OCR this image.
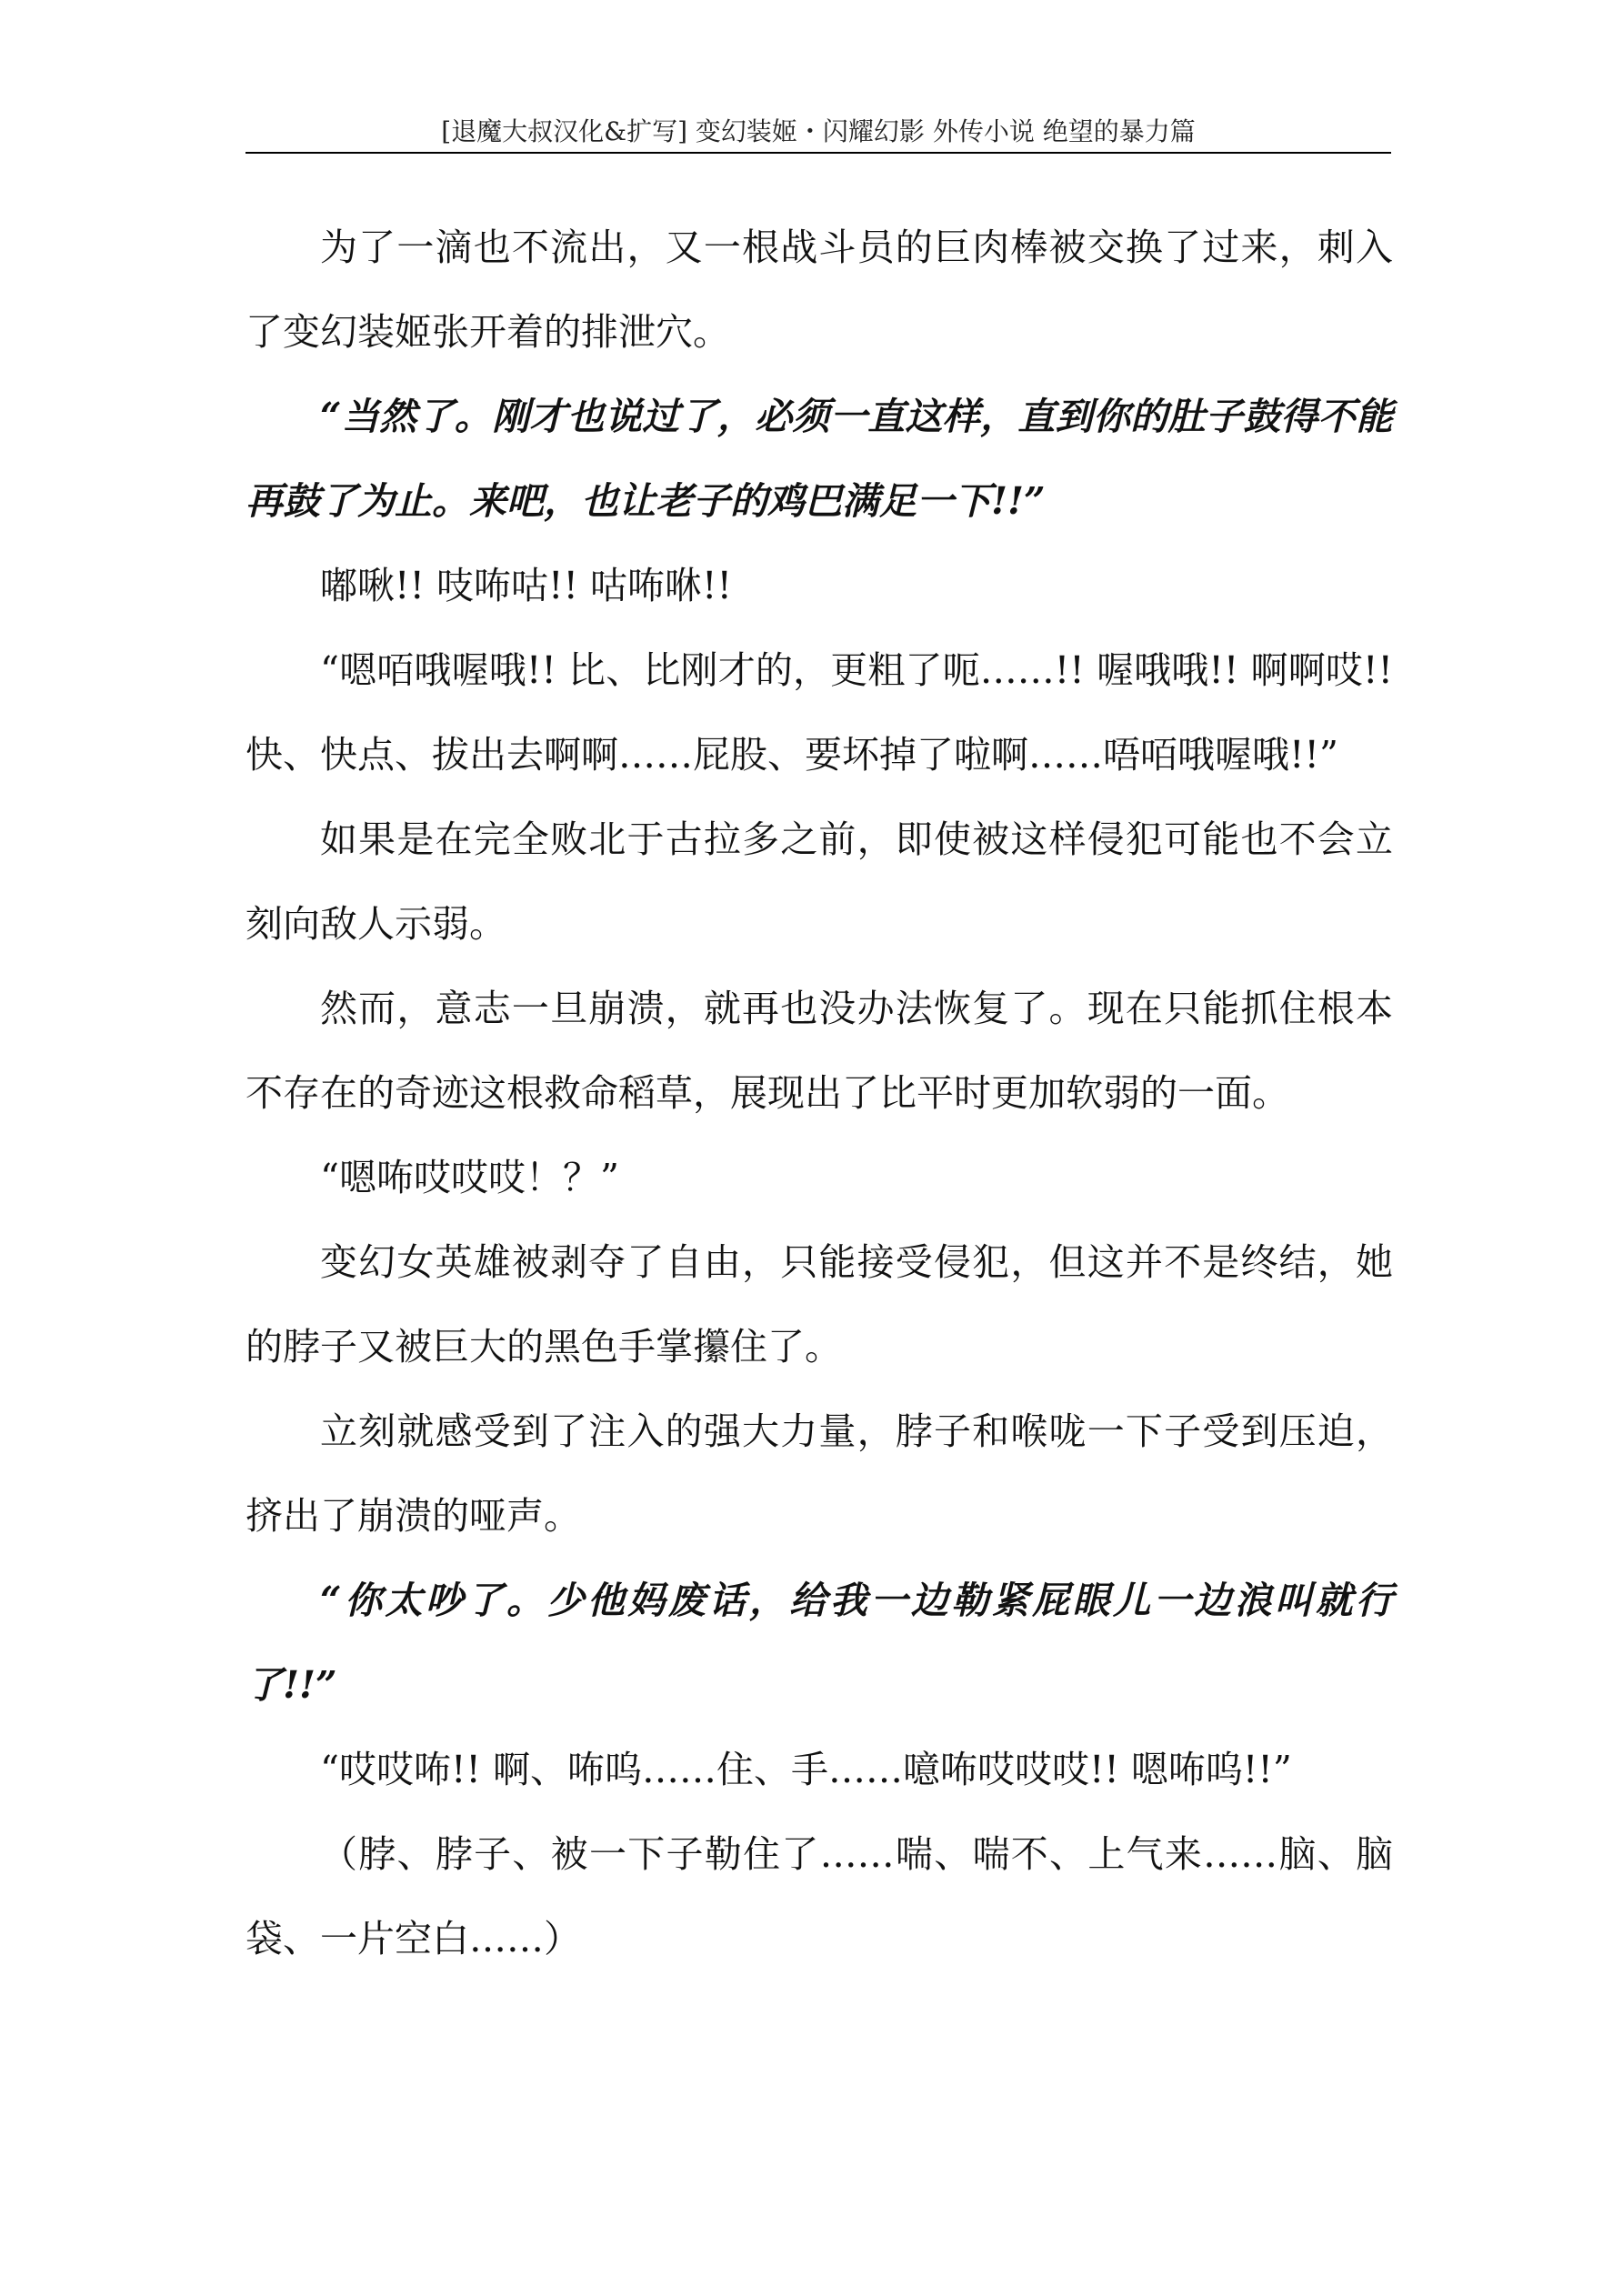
[退魔大叔汉化&扩写] 变幻装姬・闪耀幻影 外传小说 绝望的暴力篇

为了一滴也不流出，又一根战斗员的巨肉棒被交换了过来，刺入了变幻装姬张开着的排泄穴。

“当然了。刚才也说过了，必须一直这样，直到你的肚子鼓得不能再鼓了为止。来吧，也让老子的鸡巴满足一下!!”

嘟啾!! 吱咘咕!! 咕咘咻!!

“嗯咟哦喔哦!! 比、比刚才的，更粗了呃……!! 喔哦哦!! 啊啊哎!! 快、快点、拔出去啊啊……屁股、要坏掉了啦啊……唔咟哦喔哦!!”

如果是在完全败北于古拉多之前，即使被这样侵犯可能也不会立刻向敌人示弱。

然而，意志一旦崩溃，就再也没办法恢复了。现在只能抓住根本不存在的奇迹这根救命稻草，展现出了比平时更加软弱的一面。

“嗯咘哎哎哎！？”

变幻女英雄被剥夺了自由，只能接受侵犯，但这并不是终结，她的脖子又被巨大的黑色手掌攥住了。

立刻就感受到了注入的强大力量，脖子和喉咙一下子受到压迫，挤出了崩溃的哑声。

“你太吵了。少他妈废话，给我一边勒紧屁眼儿一边浪叫就行了!!”

“哎哎咘!! 啊、咘呜……住、手……噫咘哎哎哎!! 嗯咘呜!!”

（脖、脖子、被一下子勒住了……喘、喘不、上气来……脑、脑袋、一片空白……）
